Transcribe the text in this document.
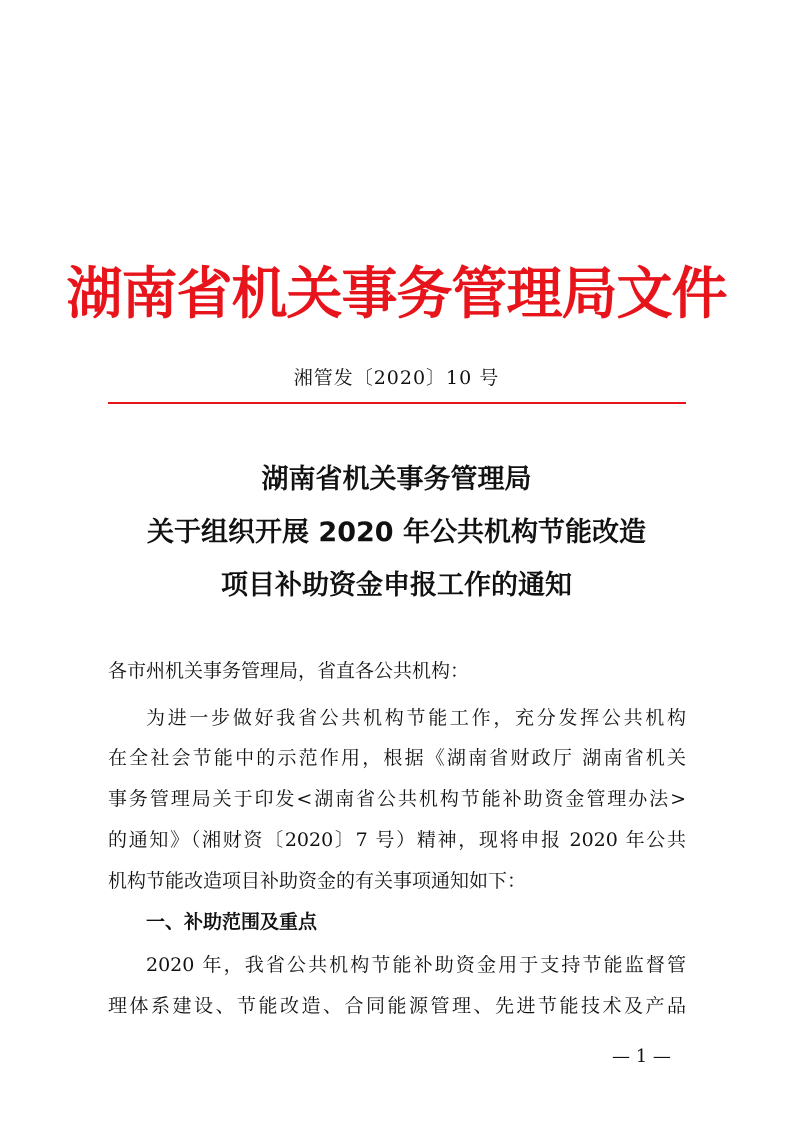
湖南省机关事务管理局文件
湘管发〔2020〕10 号
湖南省机关事务管理局
关于组织开展 2020 年公共机构节能改造
项目补助资金申报工作的通知
各市州机关事务管理局，省直各公共机构：
为进一步做好我省公共机构节能工作，充分发挥公共机构
在全社会节能中的示范作用，根据《湖南省财政厅 湖南省机关
事务管理局关于印发<湖南省公共机构节能补助资金管理办法>
的通知》（湘财资〔2020〕7 号）精神，现将申报 2020 年公共
机构节能改造项目补助资金的有关事项通知如下：
一、补助范围及重点
2020 年，我省公共机构节能补助资金用于支持节能监督管
理体系建设、节能改造、合同能源管理、先进节能技术及产品
— 1 —
